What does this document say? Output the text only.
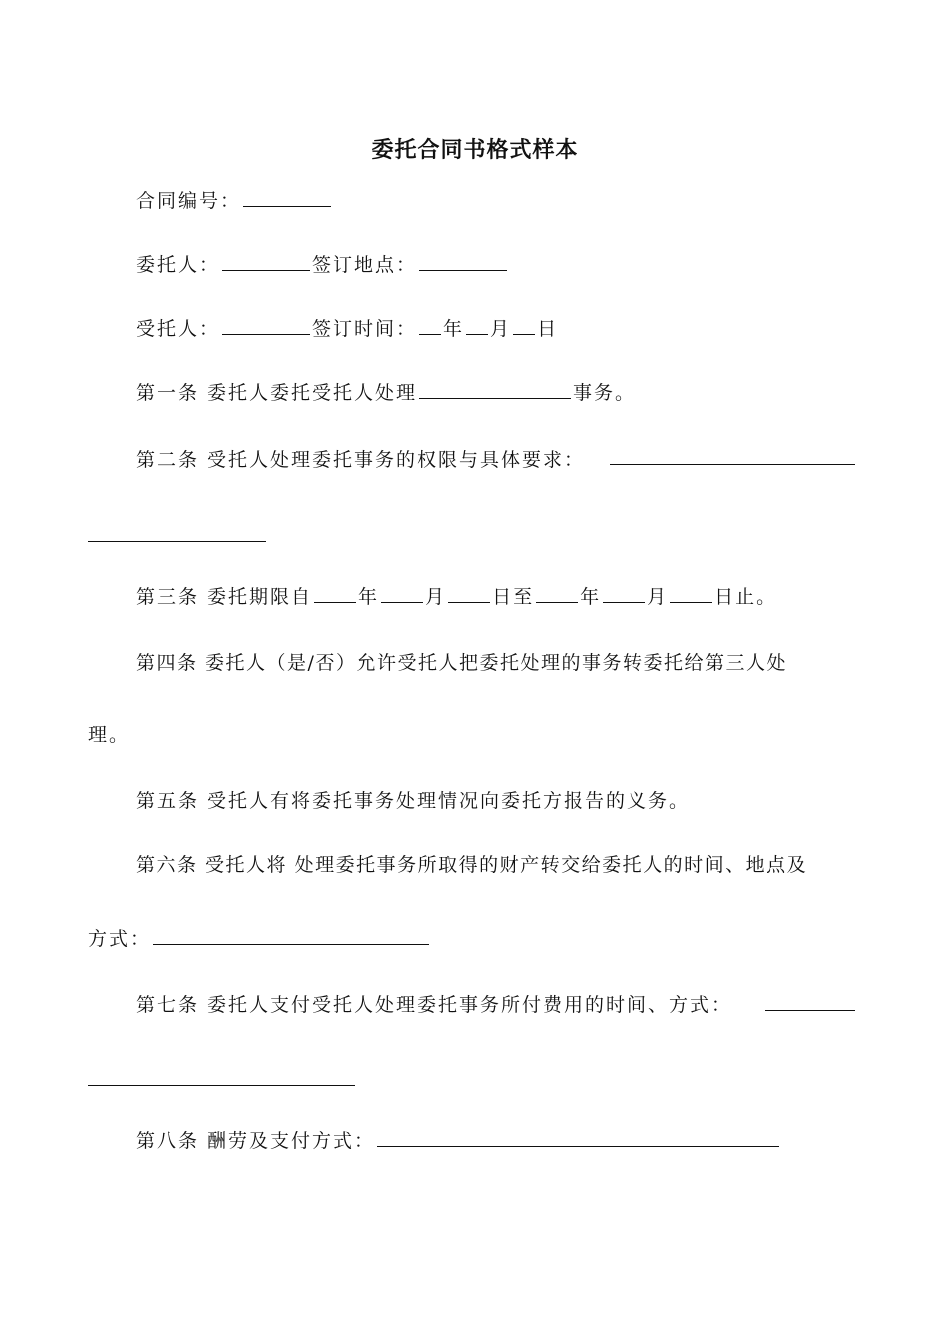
委托合同书格式样本
合同编号：
委托人：	签订地点：
受托人：	签订时间： 年 月 日
第一条 委托人委托受托人处理	事务。
第二条 受托人处理委托事务的权限与具体要求：
第三条 委托期限自 年 月 日至 年 月 日止。
第四条 委托人（是/否）允许受托人把委托处理的事务转委托给第三人处
理。
第五条 受托人有将委托事务处理情况向委托方报告的义务。
第六条 受托人将 处理委托事务所取得的财产转交给委托人的时间、地点及
方式：
第七条 委托人支付受托人处理委托事务所付费用的时间、方式：
第八条 酬劳及支付方式：
